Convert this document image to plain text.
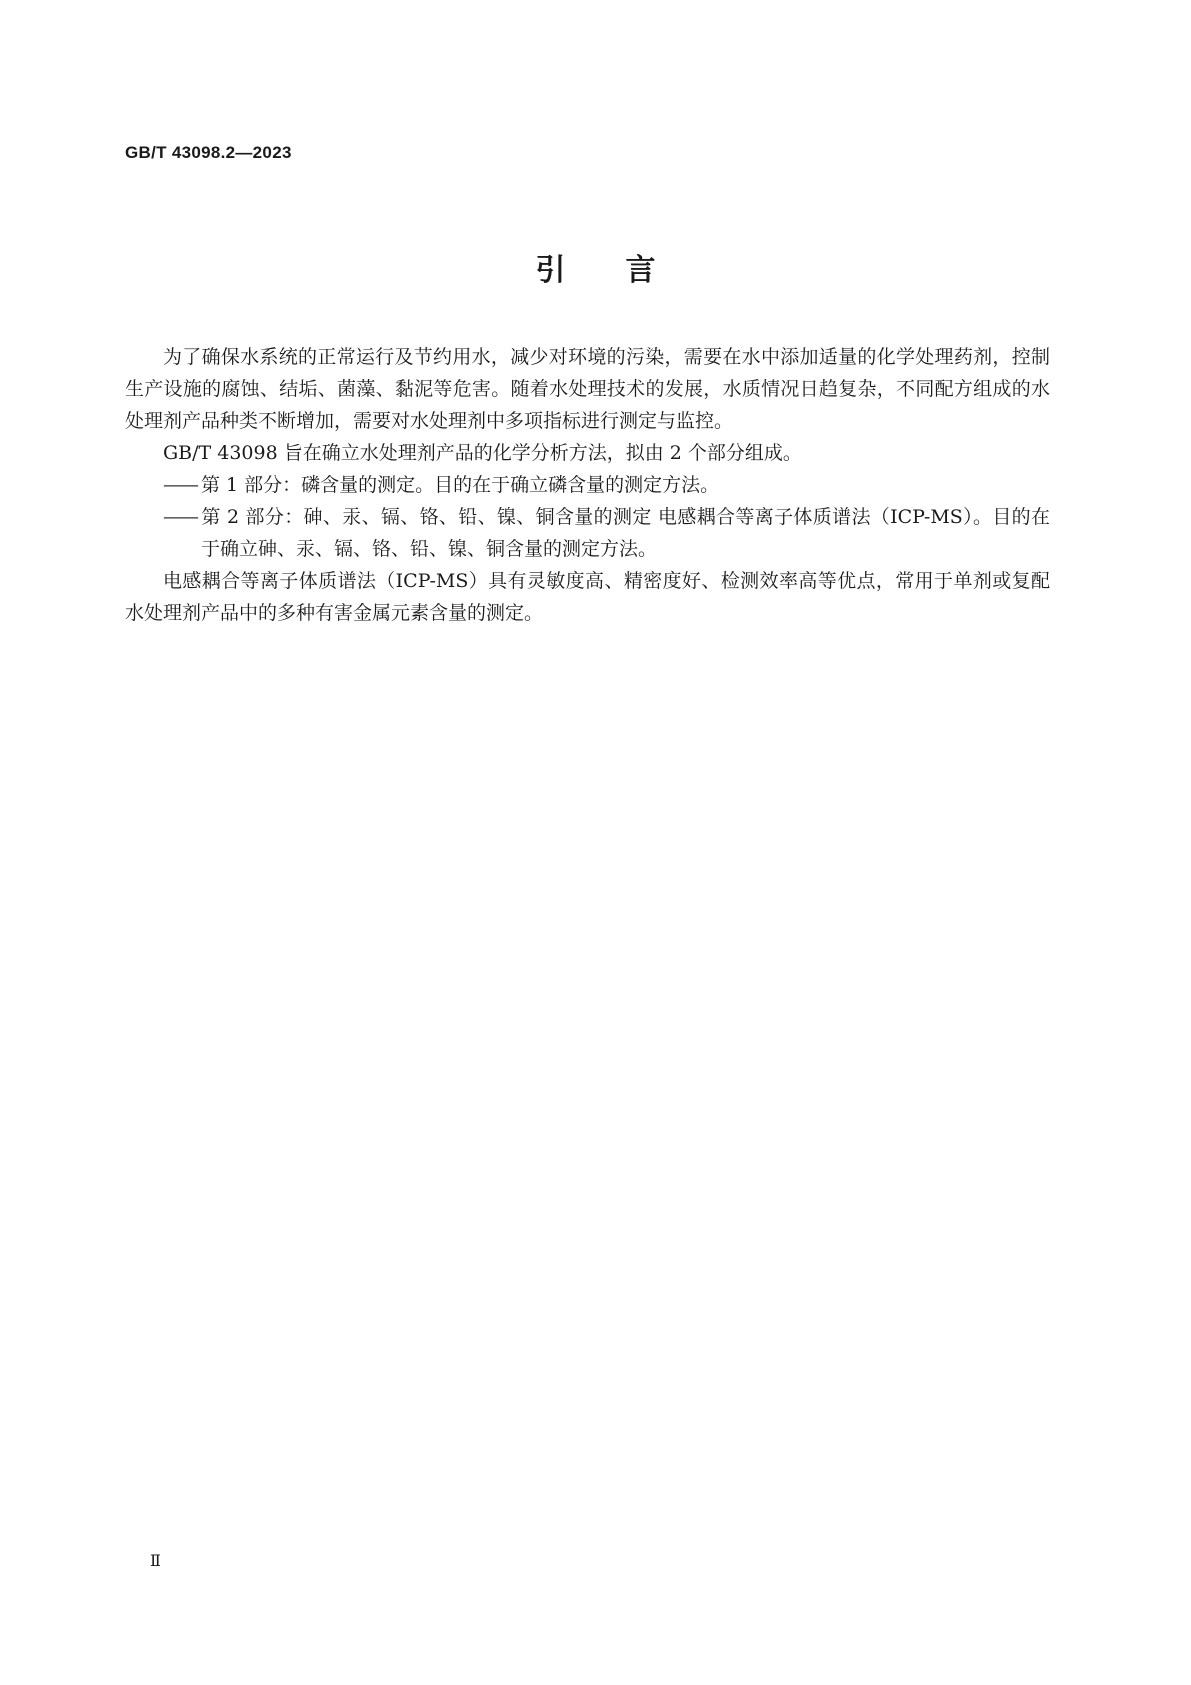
GB/T 43098.2—2023
引言

为了确保水系统的正常运行及节约用水，减少对环境的污染，需要在水中添加适量的化学处理药剂，控制生产设施的腐蚀、结垢、菌藻、黏泥等危害。随着水处理技术的发展，水质情况日趋复杂，不同配方组成的水处理剂产品种类不断增加，需要对水处理剂中多项指标进行测定与监控。

GB/T 43098 旨在确立水处理剂产品的化学分析方法，拟由 2 个部分组成。

—— 第 1 部分：磷含量的测定。目的在于确立磷含量的测定方法。

—— 第 2 部分：砷、汞、镉、铬、铅、镍、铜含量的测定 电感耦合等离子体质谱法（ICP-MS）。目的在于确立砷、汞、镉、铬、铅、镍、铜含量的测定方法。

电感耦合等离子体质谱法（ICP-MS）具有灵敏度高、精密度好、检测效率高等优点，常用于单剂或复配水处理剂产品中的多种有害金属元素含量的测定。

Ⅱ
